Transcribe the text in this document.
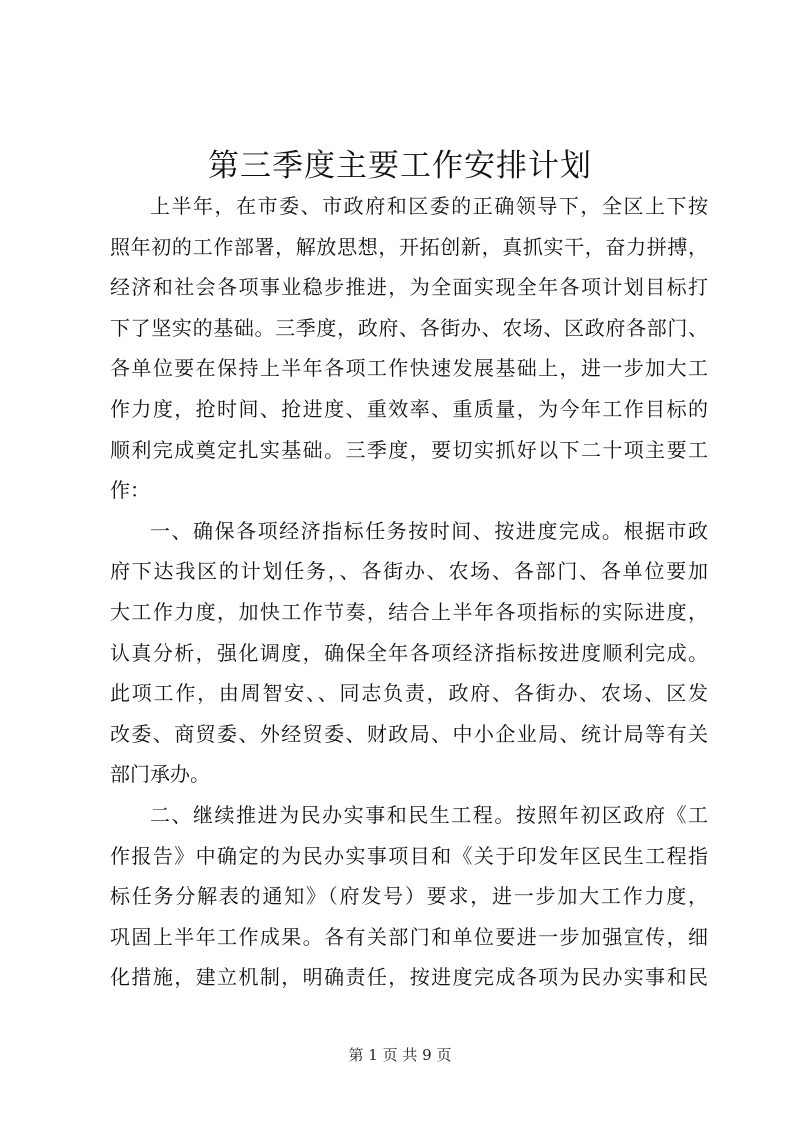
第三季度主要工作安排计划
上半年，在市委、市政府和区委的正确领导下，全区上下按
照年初的工作部署，解放思想，开拓创新，真抓实干，奋力拼搏，
经济和社会各项事业稳步推进，为全面实现全年各项计划目标打
下了坚实的基础。三季度，政府、各街办、农场、区政府各部门、
各单位要在保持上半年各项工作快速发展基础上，进一步加大工
作力度，抢时间、抢进度、重效率、重质量，为今年工作目标的
顺利完成奠定扎实基础。三季度，要切实抓好以下二十项主要工
作：
一、确保各项经济指标任务按时间、按进度完成。根据市政
府下达我区的计划任务，、各街办、农场、各部门、各单位要加
大工作力度，加快工作节奏，结合上半年各项指标的实际进度，
认真分析，强化调度，确保全年各项经济指标按进度顺利完成。
此项工作，由周智安、、同志负责，政府、各街办、农场、区发
改委、商贸委、外经贸委、财政局、中小企业局、统计局等有关
部门承办。
二、继续推进为民办实事和民生工程。按照年初区政府《工
作报告》中确定的为民办实事项目和《关于印发年区民生工程指
标任务分解表的通知》（府发号）要求，进一步加大工作力度，
巩固上半年工作成果。各有关部门和单位要进一步加强宣传，细
化措施，建立机制，明确责任，按进度完成各项为民办实事和民
第 1 页 共 9 页
